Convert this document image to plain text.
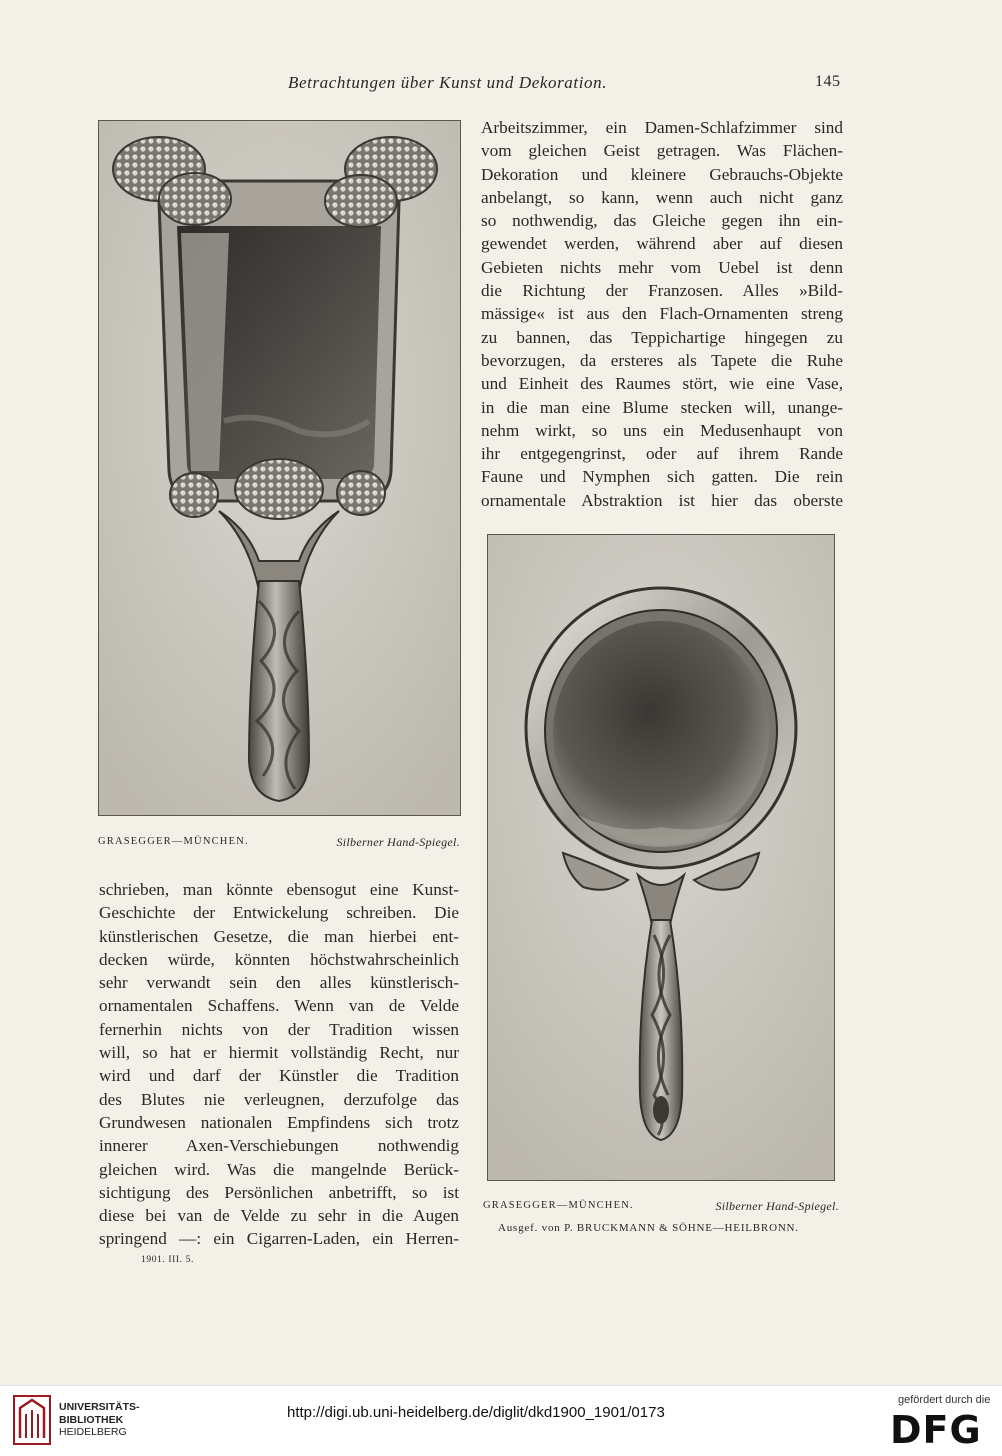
Betrachtungen über Kunst und Dekoration.	145
Arbeitszimmer, ein Damen-Schlafzimmer sind
vom gleichen Geist getragen. Was Flächen-
Dekoration und kleinere Gebrauchs-Objekte
anbelangt, so kann, wenn auch nicht ganz
so nothwendig, das Gleiche gegen ihn ein-
gewendet werden, während aber auf diesen
Gebieten nichts mehr vom Uebel ist denn
die Richtung der Franzosen. Alles »Bild-
mässige« ist aus den Flach-Ornamenten streng
zu bannen, das Teppichartige hingegen zu
bevorzugen, da ersteres als Tapete die Ruhe
und Einheit des Raumes stört, wie eine Vase,
in die man eine Blume stecken will, unange-
nehm wirkt, so uns ein Medusenhaupt von
ihr entgegengrinst, oder auf ihrem Rande
Faune und Nymphen sich gatten. Die rein
ornamentale Abstraktion ist hier das oberste
GRASEGGER—MÜNCHEN.	Silberner Hand-Spiegel.
schrieben, man könnte ebensogut eine Kunst-
Geschichte der Entwickelung schreiben. Die
künstlerischen Gesetze, die man hierbei ent-
decken würde, könnten höchstwahrscheinlich
sehr verwandt sein den alles künstlerisch-
ornamentalen Schaffens. Wenn van de Velde
fernerhin nichts von der Tradition wissen
will, so hat er hiermit vollständig Recht, nur
wird und darf der Künstler die Tradition
des Blutes nie verleugnen, derzufolge das
Grundwesen nationalen Empfindens sich trotz
innerer Axen-Verschiebungen nothwendig
gleichen wird. Was die mangelnde Berück-
sichtigung des Persönlichen anbetrifft, so ist
diese bei van de Velde zu sehr in die Augen
springend —: ein Cigarren-Laden, ein Herren-
GRASEGGER—MÜNCHEN.	Silberner Hand-Spiegel.
Ausgef. von P. BRUCKMANN & SÖHNE—HEILBRONN.
1901. III. 5.
UNIVERSITÄTS-
BIBLIOTHEK
HEIDELBERG
http://digi.ub.uni-heidelberg.de/diglit/dkd1900_1901/0173
gefördert durch die
DFG
